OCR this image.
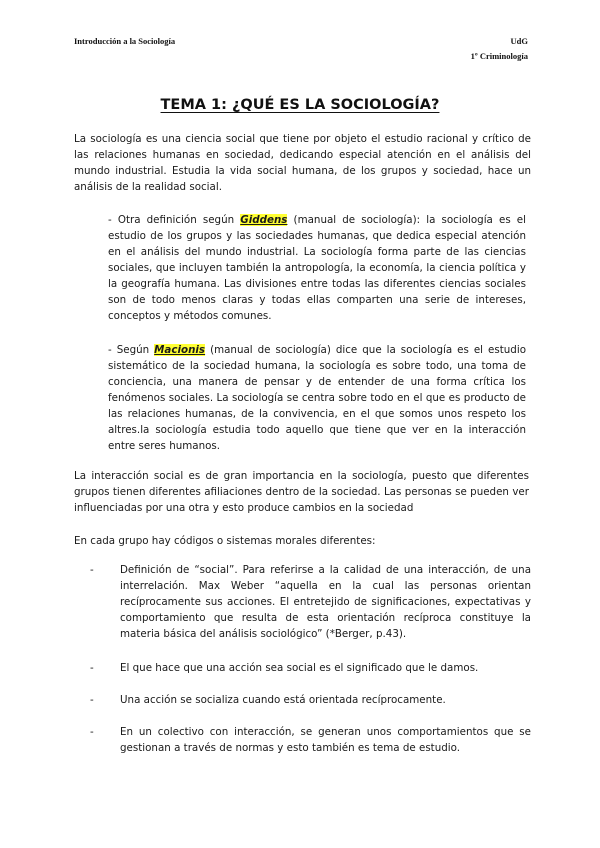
Introducción a la Sociología	UdG
1º Criminología
TEMA 1: ¿QUÉ ES LA SOCIOLOGÍA?

La sociología es una ciencia social que tiene por objeto el estudio racional y crítico de las relaciones humanas en sociedad, dedicando especial atención en el análisis del mundo industrial. Estudia la vida social humana, de los grupos y sociedad, hace un análisis de la realidad social.

- Otra definición según Giddens (manual de sociología): la sociología es el estudio de los grupos y las sociedades humanas, que dedica especial atención en el análisis del mundo industrial. La sociología forma parte de las ciencias sociales, que incluyen también la antropología, la economía, la ciencia política y la geografía humana. Las divisiones entre todas las diferentes ciencias sociales son de todo menos claras y todas ellas comparten una serie de intereses, conceptos y métodos comunes.

- Según Macionis (manual de sociología) dice que la sociología es el estudio sistemático de la sociedad humana, la sociología es sobre todo, una toma de conciencia, una manera de pensar y de entender de una forma crítica los fenómenos sociales. La sociología se centra sobre todo en el que es producto de las relaciones humanas, de la convivencia, en el que somos unos respeto los altres.la sociología estudia todo aquello que tiene que ver en la interacción entre seres humanos.

La interacción social es de gran importancia en la sociología, puesto que diferentes grupos tienen diferentes afiliaciones dentro de la sociedad. Las personas se pueden ver influenciadas por una otra y esto produce cambios en la sociedad

En cada grupo hay códigos o sistemas morales diferentes:

-	Definición de “social”. Para referirse a la calidad de una interacción, de una interrelación. Max Weber “aquella en la cual las personas orientan recíprocamente sus acciones. El entretejido de significaciones, expectativas y comportamiento que resulta de esta orientación recíproca constituye la materia básica del análisis sociológico” (*Berger, p.43).
-	El que hace que una acción sea social es el significado que le damos.
-	Una acción se socializa cuando está orientada recíprocamente.
-	En un colectivo con interacción, se generan unos comportamientos que se gestionan a través de normas y esto también es tema de estudio.
